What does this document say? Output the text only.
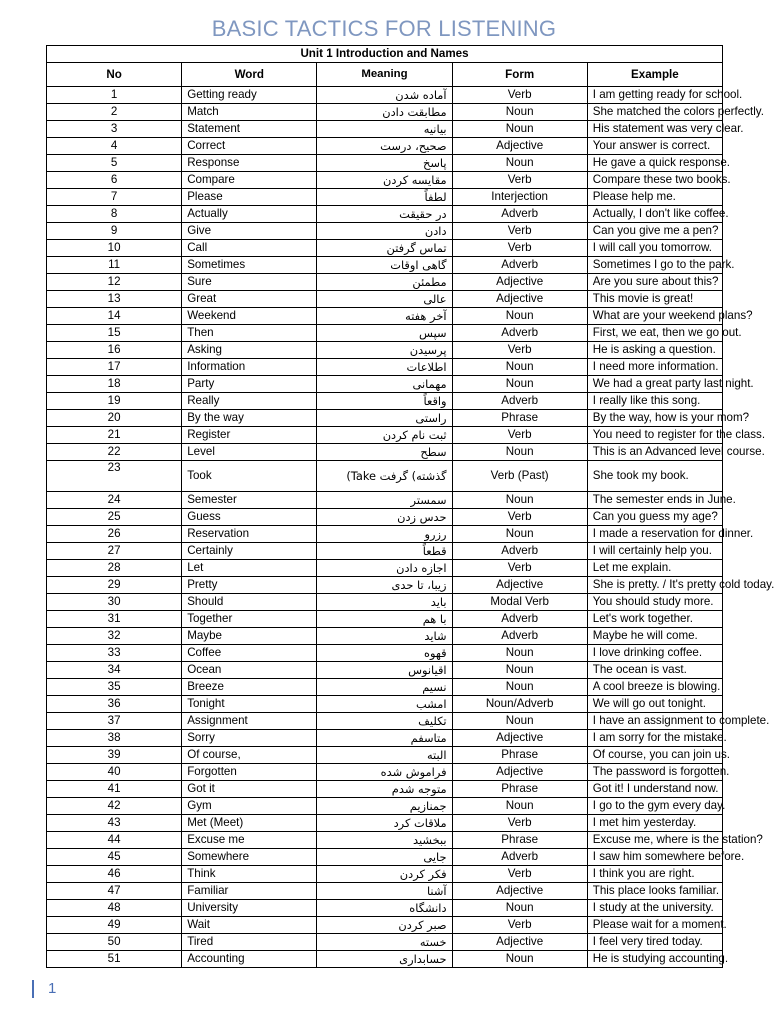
BASIC TACTICS FOR LISTENING
Unit 1 Introduction and Names				
No	Word	Meaning	Form	Example
1	Getting ready	آماده شدن	Verb	I am getting ready for school.
2	Match	مطابقت دادن	Noun	She matched the colors perfectly.
3	Statement	بیانیه	Noun	His statement was very clear.
4	Correct	صحیح، درست	Adjective	Your answer is correct.
5	Response	پاسخ	Noun	He gave a quick response.
6	Compare	مقایسه کردن	Verb	Compare these two books.
7	Please	لطفاً	Interjection	Please help me.
8	Actually	در حقیقت	Adverb	Actually, I don't like coffee.
9	Give	دادن	Verb	Can you give me a pen?
10	Call	تماس گرفتن	Verb	I will call you tomorrow.
11	Sometimes	گاهی اوقات	Adverb	Sometimes I go to the park.
12	Sure	مطمئن	Adjective	Are you sure about this?
13	Great	عالی	Adjective	This movie is great!
14	Weekend	آخر هفته	Noun	What are your weekend plans?
15	Then	سپس	Adverb	First, we eat, then we go out.
16	Asking	پرسیدن	Verb	He is asking a question.
17	Information	اطلاعات	Noun	I need more information.
18	Party	مهمانی	Noun	We had a great party last night.
19	Really	واقعاً	Adverb	I really like this song.
20	By the way	راستی	Phrase	By the way, how is your mom?
21	Register	ثبت نام کردن	Verb	You need to register for the class.
22	Level	سطح	Noun	This is an Advanced level course.
23	Took	گذشته) گرفت Take)	Verb (Past)	She took my book.
24	Semester	سمستر	Noun	The semester ends in June.
25	Guess	حدس زدن	Verb	Can you guess my age?
26	Reservation	رزرو	Noun	I made a reservation for dinner.
27	Certainly	قطعاً	Adverb	I will certainly help you.
28	Let	اجازه دادن	Verb	Let me explain.
29	Pretty	زیبا، تا حدی	Adjective	She is pretty. / It's pretty cold today.
30	Should	باید	Modal Verb	You should study more.
31	Together	با هم	Adverb	Let's work together.
32	Maybe	شاید	Adverb	Maybe he will come.
33	Coffee	قهوه	Noun	I love drinking coffee.
34	Ocean	اقیانوس	Noun	The ocean is vast.
35	Breeze	نسیم	Noun	A cool breeze is blowing.
36	Tonight	امشب	Noun/Adverb	We will go out tonight.
37	Assignment	تکلیف	Noun	I have an assignment to complete.
38	Sorry	متاسفم	Adjective	I am sorry for the mistake.
39	Of course,	البته	Phrase	Of course, you can join us.
40	Forgotten	فراموش شده	Adjective	The password is forgotten.
41	Got it	متوجه شدم	Phrase	Got it! I understand now.
42	Gym	جمنازیم	Noun	I go to the gym every day.
43	Met (Meet)	ملاقات کرد	Verb	I met him yesterday.
44	Excuse me	ببخشید	Phrase	Excuse me, where is the station?
45	Somewhere	جایی	Adverb	I saw him somewhere before.
46	Think	فکر کردن	Verb	I think you are right.
47	Familiar	آشنا	Adjective	This place looks familiar.
48	University	دانشگاه	Noun	I study at the university.
49	Wait	صبر کردن	Verb	Please wait for a moment.
50	Tired	خسته	Adjective	I feel very tired today.
51	Accounting	حسابداری	Noun	He is studying accounting.
1
